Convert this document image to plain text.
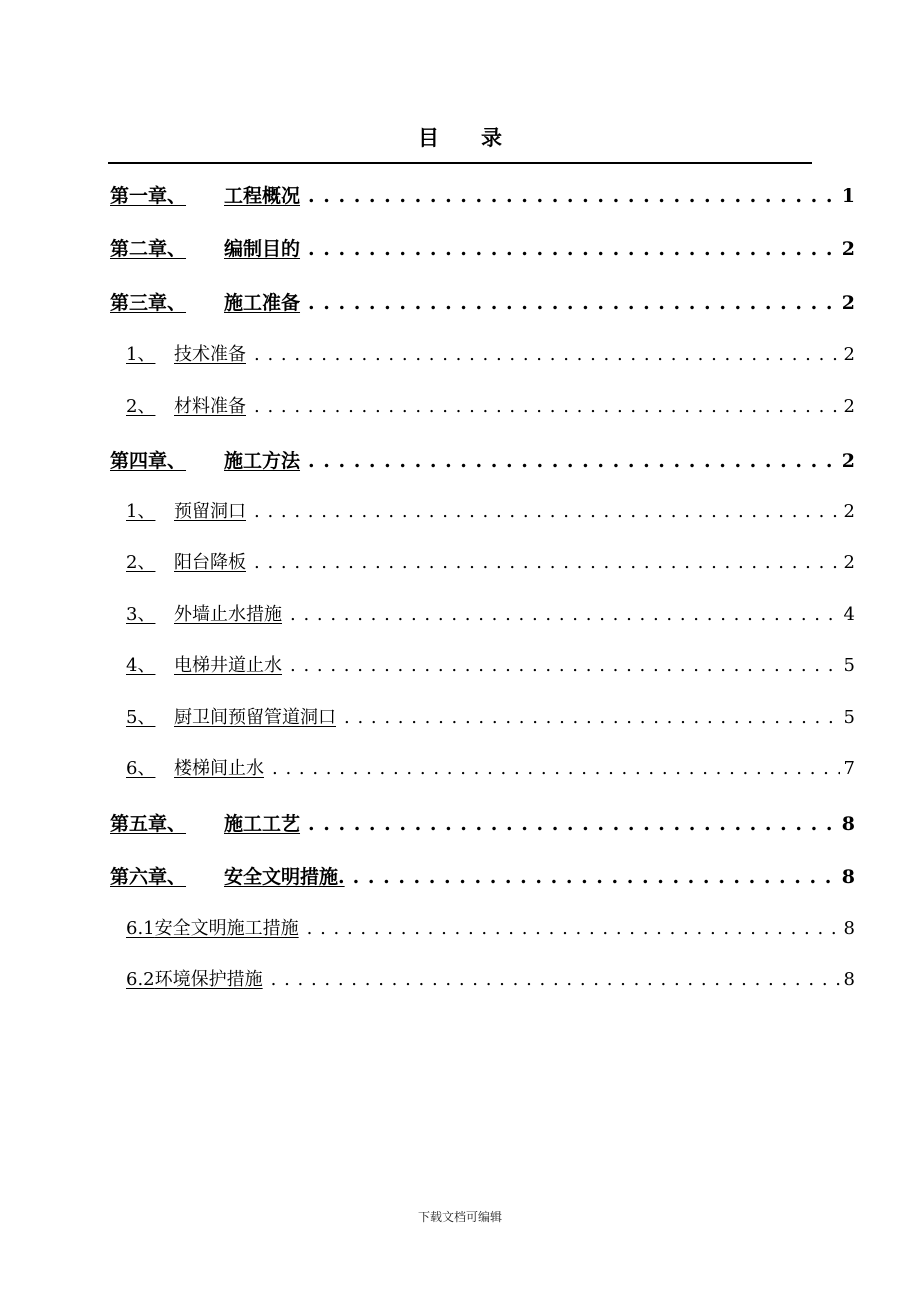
目 录
第一章、	工程概况 . . .	1
第二章、	编制目的 . . .	2
第三章、	施工准备 . . .	2
1、	技术准备 . . .	2
2、	材料准备 . . .	2
第四章、	施工方法 . . .	2
1、	预留洞口 . . .	2
2、	阳台降板 . . .	2
3、	外墙止水措施 . . .	4
4、	电梯井道止水 . . .	5
5、	厨卫间预留管道洞口 . . .	5
6、	楼梯间止水 . . .	7
第五章、	施工工艺 . . .	8
第六章、	安全文明措施. . . .	8
6.1 安全文明施工措施 . . .	8
6.2 环境保护措施 . . .	8
下载文档可编辑
